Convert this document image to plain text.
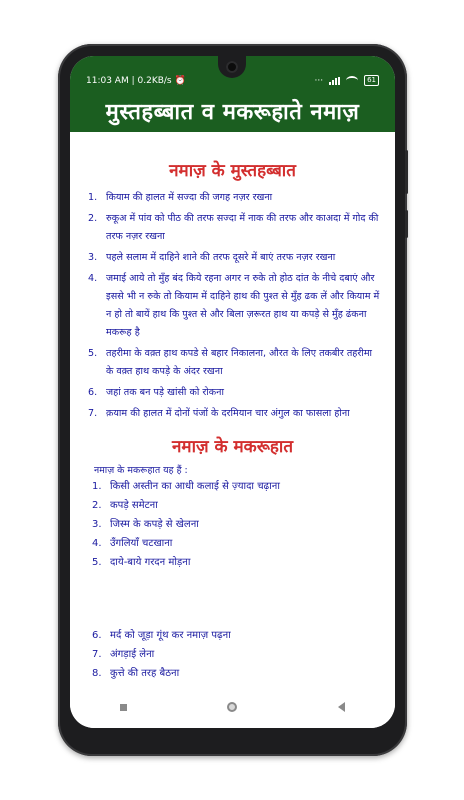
11:03 AM | 0.2KB/s ⏰	···	61
मुस्तहब्बात व मकरूहाते नमाज़
नमाज़ के मुस्तहब्बात
1. कियाम की हालत में सज्दा की जगह नज़र रखना
2. रुकूअ में पांव को पीठ की तरफ सज्दा में नाक की तरफ और काअदा में गोद की तरफ नज़र रखना
3. पहले सलाम में दाहिने शाने की तरफ दूसरे में बाएं तरफ नज़र रखना
4. जमाई आये तो मुँह बंद किये रहना अगर न रुके तो होठ दांत के नीचे दबाएं और इससे भी न रुके तो कियाम में दाहिने हाथ की पुश्त से मुँह ढक लें और कियाम में न हो तो बायें हाथ कि पुश्त से और बिला ज़रूरत हाथ या कपड़े से मुँह ढंकना मकरूह है
5. तहरीमा के वक़्त हाथ कपडे से बहार निकालना, औरत के लिए तकबीर तहरीमा के वक़्त हाथ कपड़े के अंदर रखना
6. जहां तक बन पड़े खांसी को रोकना
7. क़याम की हालत में दोनों पंजों के दरमियान चार अंगुल का फासला होना
नमाज़ के मकरूहात
नमाज़ के मकरूहात यह हैं :
1. किसी अस्तीन का आधी कलाई से ज़्यादा चढ़ाना
2. कपड़े समेटना
3. जिस्म के कपड़े से खेलना
4. उँगलियाँ चटखाना
5. दाये-बाये गरदन मोड़ना
6. मर्द को जूड़ा गूंथ कर नमाज़ पढ़ना
7. अंगड़ाई लेना
8. कुत्ते की तरह बैठना
